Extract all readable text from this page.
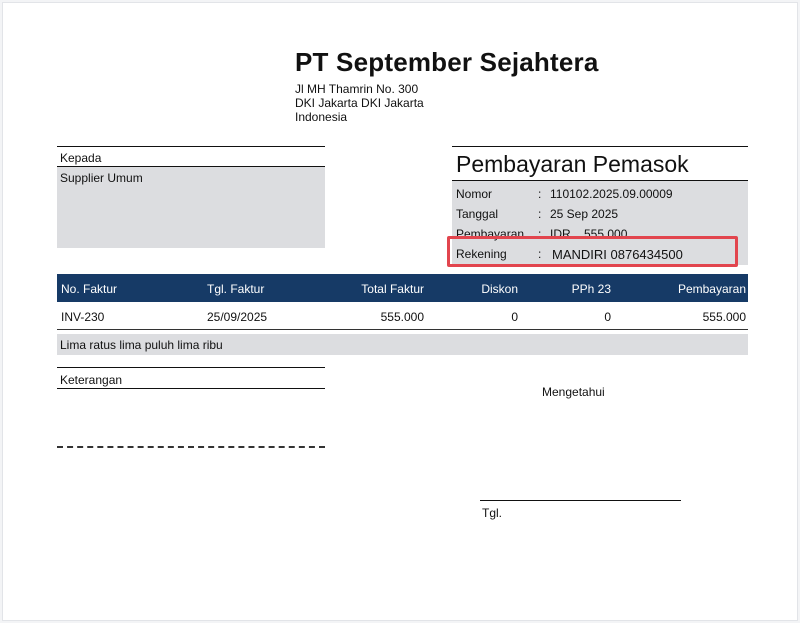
PT September Sejahtera
Jl MH Thamrin No. 300
DKI Jakarta DKI Jakarta
Indonesia
Kepada
Supplier Umum
Pembayaran Pemasok
Nomor	: 110102.2025.09.00009
Tanggal	: 25 Sep 2025
Pembayaran : IDR    555.000
Rekening	: MANDIRI 0876434500
No. Faktur	Tgl. Faktur	Total Faktur	Diskon	PPh 23	Pembayaran
INV-230	25/09/2025	555.000	0	0	555.000
Lima ratus lima puluh lima ribu
Keterangan
Mengetahui
Tgl.
